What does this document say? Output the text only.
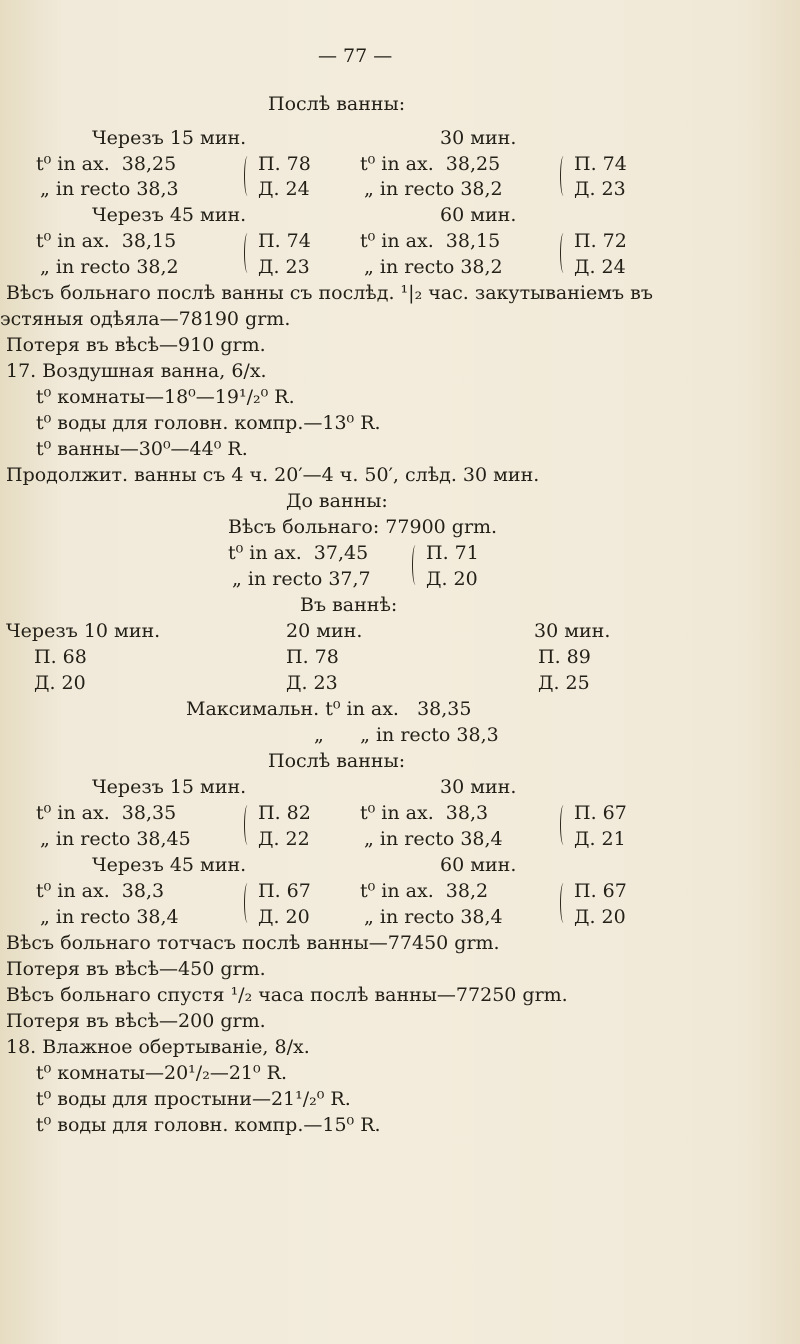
— 77 —
Послѣ ванны:
Черезъ 15 мин.	30 мин.
t⁰ in ах.  38,25	П. 78	t⁰ in ах.  38,25	П. 74
„ in recto 38,3	Д. 24	„ in recto 38,2	Д. 23
Черезъ 45 мин.	60 мин.
t⁰ in ах.  38,15	П. 74	t⁰ in ах.  38,15	П. 72
„ in recto 38,2	Д. 23	„ in recto 38,2	Д. 24
Вѣсъ больнаго послѣ ванны съ послѣд. ¹|₂ час. закутываніемъ въ
эстяныя одѣяла—78190 grm.
Потеря въ вѣсѣ—910 grm.
17. Воздушная ванна, 6/х.
t⁰ комнаты—18⁰—19¹/₂⁰ R.
t⁰ воды для головн. компр.—13⁰ R.
t⁰ ванны—30⁰—44⁰ R.
Продолжит. ванны съ 4 ч. 20′—4 ч. 50′, слѣд. 30 мин.
До ванны:
Вѣсъ больнаго: 77900 grm.
t⁰ in ах.  37,45	П. 71
„ in recto 37,7	Д. 20
Въ ваннѣ:
Черезъ 10 мин.	20 мин.	30 мин.
П. 68	П. 78	П. 89
Д. 20	Д. 23	Д. 25
Максимальн. t⁰ in ах.   38,35
„      „ in recto 38,3
Послѣ ванны:
Черезъ 15 мин.	30 мин.
t⁰ in ах.  38,35	П. 82	t⁰ in ах.  38,3	П. 67
„ in recto 38,45	Д. 22	„ in recto 38,4	Д. 21
Черезъ 45 мин.	60 мин.
t⁰ in ах.  38,3	П. 67	t⁰ in ах.  38,2	П. 67
„ in recto 38,4	Д. 20	„ in recto 38,4	Д. 20
Вѣсъ больнаго тотчасъ послѣ ванны—77450 grm.
Потеря въ вѣсѣ—450 grm.
Вѣсъ больнаго спустя ¹/₂ часа послѣ ванны—77250 grm.
Потеря въ вѣсѣ—200 grm.
18. Влажное обертываніе, 8/х.
t⁰ комнаты—20¹/₂—21⁰ R.
t⁰ воды для простыни—21¹/₂⁰ R.
t⁰ воды для головн. компр.—15⁰ R.
